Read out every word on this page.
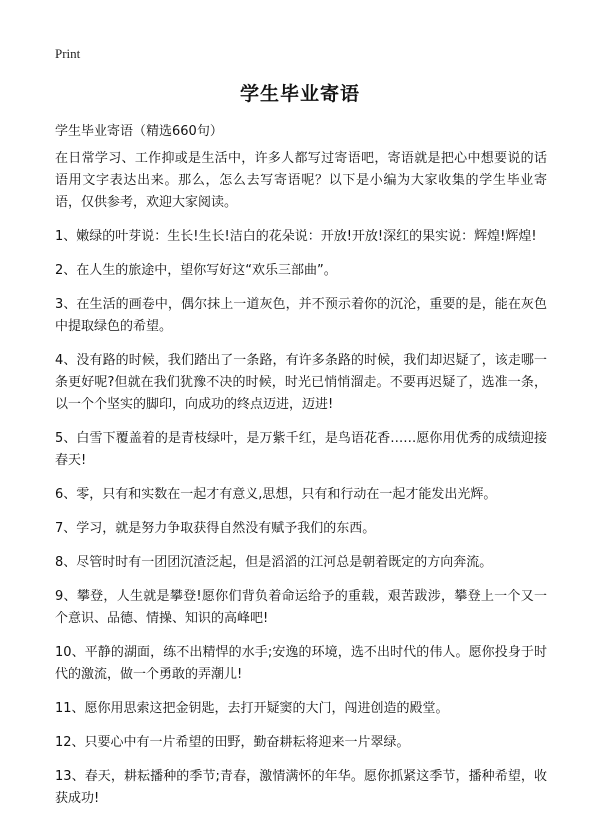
Print
学生毕业寄语
学生毕业寄语（精选660句）

在日常学习、工作抑或是生活中，许多人都写过寄语吧，寄语就是把心中想要说的话语用文字表达出来。那么，怎么去写寄语呢？以下是小编为大家收集的学生毕业寄语，仅供参考，欢迎大家阅读。

1、嫩绿的叶芽说：生长!生长!洁白的花朵说：开放!开放!深红的果实说：辉煌!辉煌!

2、在人生的旅途中，望你写好这“欢乐三部曲”。

3、在生活的画卷中，偶尔抹上一道灰色，并不预示着你的沉沦，重要的是，能在灰色中提取绿色的希望。

4、没有路的时候，我们踏出了一条路，有许多条路的时候，我们却迟疑了，该走哪一条更好呢?但就在我们犹豫不决的时候，时光已悄悄溜走。不要再迟疑了，选准一条，以一个个坚实的脚印，向成功的终点迈进，迈进!

5、白雪下覆盖着的是青枝绿叶，是万紫千红，是鸟语花香……愿你用优秀的成绩迎接春天!

6、零，只有和实数在一起才有意义,思想，只有和行动在一起才能发出光辉。

7、学习，就是努力争取获得自然没有赋予我们的东西。

8、尽管时时有一团团沉渣泛起，但是滔滔的江河总是朝着既定的方向奔流。

9、攀登，人生就是攀登!愿你们背负着命运给予的重载，艰苦跋涉，攀登上一个又一个意识、品德、情操、知识的高峰吧!

10、平静的湖面，练不出精悍的水手;安逸的环境，选不出时代的伟人。愿你投身于时代的激流，做一个勇敢的弄潮儿!

11、愿你用思索这把金钥匙，去打开疑窦的大门，闯进创造的殿堂。

12、只要心中有一片希望的田野，勤奋耕耘将迎来一片翠绿。

13、春天，耕耘播种的季节;青春，激情满怀的年华。愿你抓紧这季节，播种希望，收获成功!
